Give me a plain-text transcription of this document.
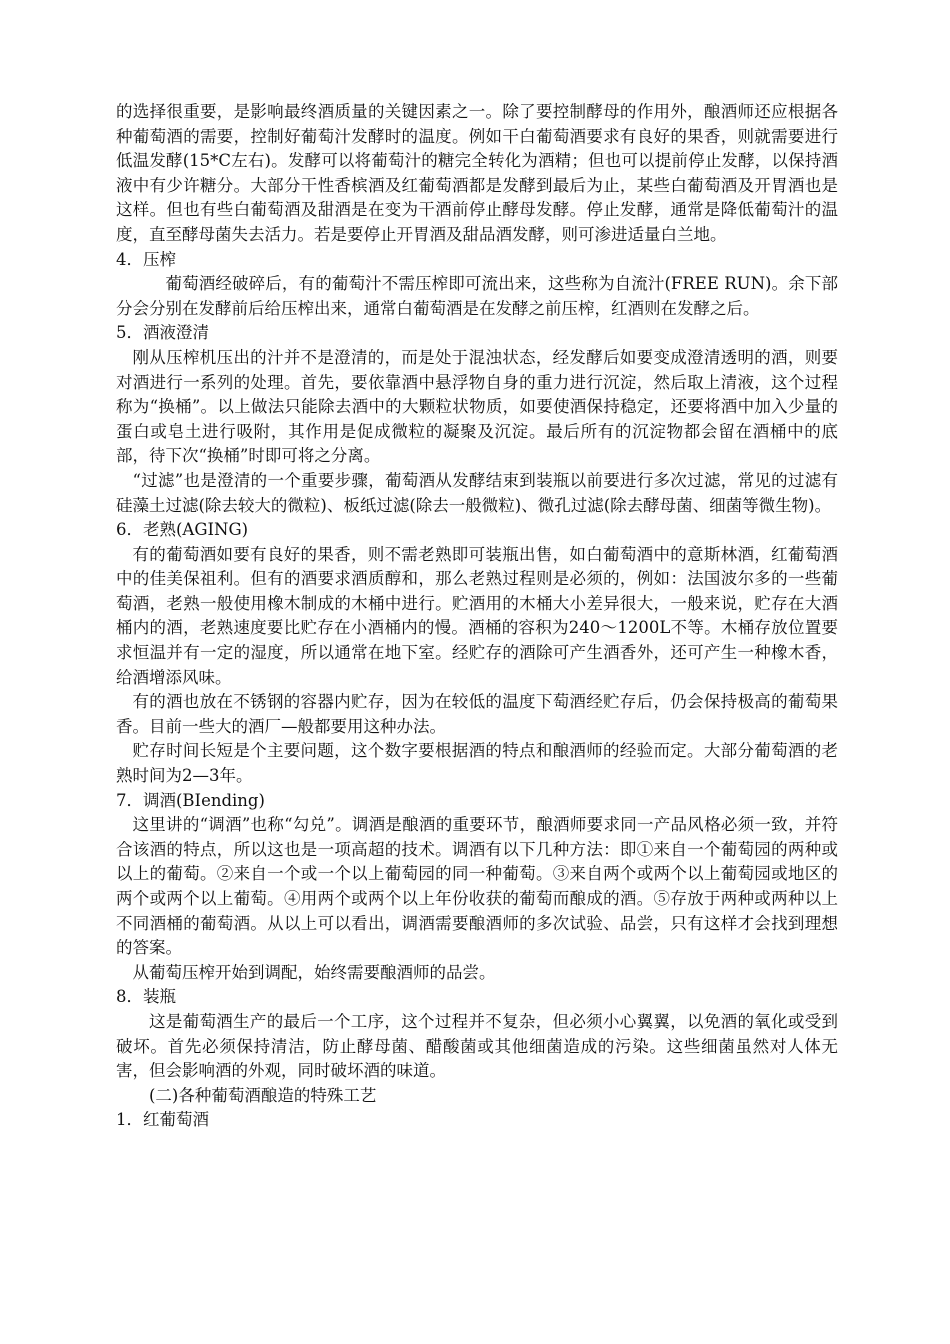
的选择很重要，是影响最终酒质量的关键因素之一。除了要控制酵母的作用外，酿酒师还应根据各种葡萄酒的需要，控制好葡萄汁发酵时的温度。例如干白葡萄酒要求有良好的果香，则就需要进行低温发酵(15*C左右)。发酵可以将葡萄汁的糖完全转化为酒精；但也可以提前停止发酵，以保持酒液中有少许糖分。大部分干性香槟酒及红葡萄酒都是发酵到最后为止，某些白葡萄酒及开胃酒也是这样。但也有些白葡萄酒及甜酒是在变为干酒前停止酵母发酵。停止发酵，通常是降低葡萄汁的温度，直至酵母菌失去活力。若是要停止开胃酒及甜品酒发酵，则可渗进适量白兰地。

4．压榨

葡萄酒经破碎后，有的葡萄汁不需压榨即可流出来，这些称为自流汁(FREE RUN)。余下部分会分别在发酵前后给压榨出来，通常白葡萄酒是在发酵之前压榨，红酒则在发酵之后。

5．酒液澄清

刚从压榨机压出的汁并不是澄清的，而是处于混浊状态，经发酵后如要变成澄清透明的酒，则要对酒进行一系列的处理。首先，要依靠酒中悬浮物自身的重力进行沉淀，然后取上清液，这个过程称为“换桶”。以上做法只能除去酒中的大颗粒状物质，如要使酒保持稳定，还要将酒中加入少量的蛋白或皂土进行吸附，其作用是促成微粒的凝聚及沉淀。最后所有的沉淀物都会留在酒桶中的底部，待下次“换桶”时即可将之分离。

“过滤”也是澄清的一个重要步骤，葡萄酒从发酵结束到装瓶以前要进行多次过滤，常见的过滤有硅藻土过滤(除去较大的微粒)、板纸过滤(除去一般微粒)、微孔过滤(除去酵母菌、细菌等微生物)。

6．老熟(AGING)

有的葡萄酒如要有良好的果香，则不需老熟即可装瓶出售，如白葡萄酒中的意斯林酒，红葡萄酒中的佳美保祖利。但有的酒要求酒质醇和，那么老熟过程则是必须的，例如：法国波尔多的一些葡萄酒，老熟一般使用橡木制成的木桶中进行。贮酒用的木桶大小差异很大，一般来说，贮存在大酒桶内的酒，老熟速度要比贮存在小酒桶内的慢。酒桶的容积为240～1200L不等。木桶存放位置要求恒温并有一定的湿度，所以通常在地下室。经贮存的酒除可产生酒香外，还可产生一种橡木香，给酒增添风味。

有的酒也放在不锈钢的容器内贮存，因为在较低的温度下萄酒经贮存后，仍会保持极高的葡萄果香。目前一些大的酒厂—般都要用这种办法。

贮存时间长短是个主要问题，这个数字要根据酒的特点和酿酒师的经验而定。大部分葡萄酒的老熟时间为2—3年。

7．调酒(BIending)

这里讲的“调酒”也称“勾兑”。调酒是酿酒的重要环节，酿酒师要求同一产品风格必须一致，并符合该酒的特点，所以这也是一项高超的技术。调酒有以下几种方法：即①来自一个葡萄园的两种或以上的葡萄。②来自一个或一个以上葡萄园的同一种葡萄。③来自两个或两个以上葡萄园或地区的两个或两个以上葡萄。④用两个或两个以上年份收获的葡萄而酿成的酒。⑤存放于两种或两种以上不同酒桶的葡萄酒。从以上可以看出，调酒需要酿酒师的多次试验、品尝，只有这样才会找到理想的答案。

从葡萄压榨开始到调配，始终需要酿酒师的品尝。

8．装瓶

这是葡萄酒生产的最后一个工序，这个过程并不复杂，但必须小心翼翼，以免酒的氧化或受到破坏。首先必须保持清洁，防止酵母菌、醋酸菌或其他细菌造成的污染。这些细菌虽然对人体无害，但会影响酒的外观，同时破坏酒的味道。

(二)各种葡萄酒酿造的特殊工艺

1．红葡萄酒
